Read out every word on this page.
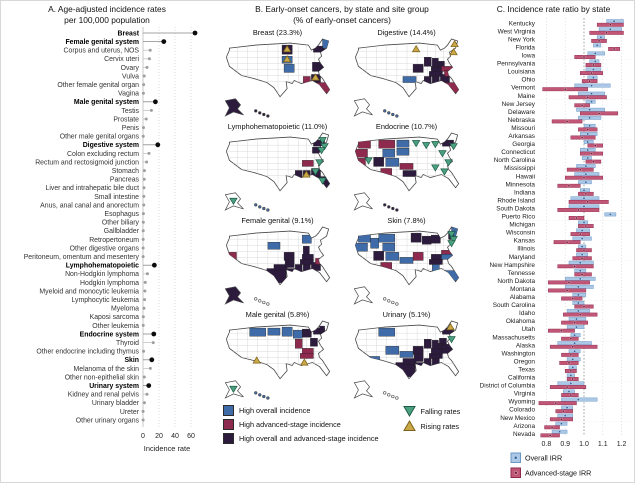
A. Age-adjusted incidence rates
per 100,000 population
Breast
Female genital system
Corpus and uterus, NOS
Cervix uteri
Ovary
Vulva
Other female genital organ
Vagina
Male genital system
Testis
Prostate
Penis
Other male genital organs
Digestive system
Colon excluding rectum
Rectum and rectosigmoid junction
Stomach
Pancreas
Liver and intrahepatic bile duct
Small intestine
Anus, anal canal and anorectum
Esophagus
Other biliary
Gallbladder
Retropertoneum
Other digestive organs
Peritoneum, omentum and mesentery
Lymphohematopoietic
Non-Hodgkin lymphoma
Hodgkin lymphoma
Myeloid and monocytic leukemia
Lymphocytic leukemia
Myeloma
Kaposi sarcoma
Other leukemia
Endocrine system
Thyroid
Other endocrine including thymus
Skin
Melanoma of the skin
Other non-epithelial skin
Urinary system
Kidney and renal pelvis
Urinary bladder
Ureter
Other urinary organs
0 20 40 60
Incidence rate
B. Early-onset cancers, by state and site group
(% of early-onset cancers)
Breast (23.3%)	Digestive (14.4%)
Lymphohematopoietic (11.0%)	Endocrine (10.7%)
Female genital (9.1%)	Skin (7.8%)
Male genital (5.8%)	Urinary (5.1%)
High overall incidence
High advanced-stage incidence
High overall and advanced-stage incidence
Falling rates
Rising rates
C. Incidence rate ratio by state
Kentucky
West Virginia
New York
Florida
Iowa
Pennsylvania
Louisiana
Ohio
Vermont
Maine
New Jersey
Delaware
Nebraska
Missouri
Arkansas
Georgia
Connecticut
North Carolina
Mississippi
Hawaii
Minnesota
Indiana
Rhode Island
South Dakota
Puerto Rico
Michigan
Wisconsin
Kansas
Illinois
Maryland
New Hampshire
Tennesse
North Dakota
Montana
Alabama
South Carolina
Idaho
Oklahoma
Utah
Massachusetts
Alaska
Washington
Oregon
Texas
California
District of Columbia
Virginia
Wyoming
Colorado
New Mexico
Arizona
Nevada
0.8 0.9 1.0 1.1 1.2
Overall IRR
Advanced-stage IRR
